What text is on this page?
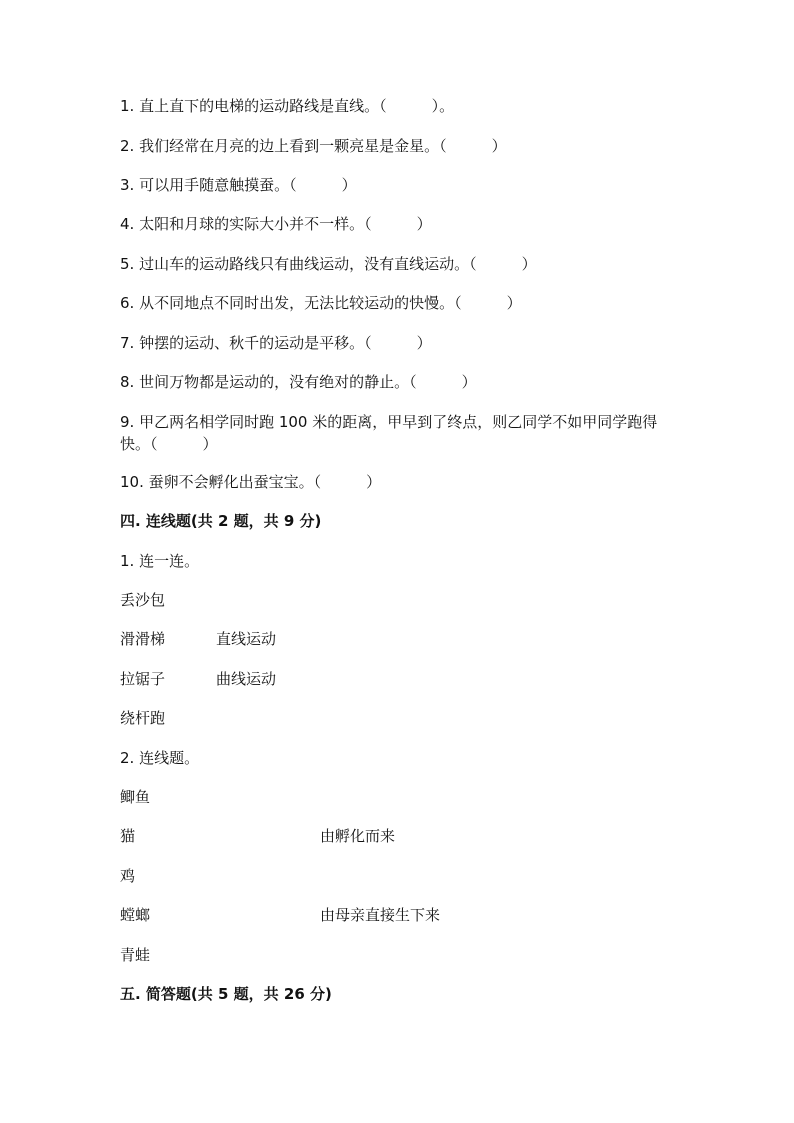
1. 直上直下的电梯的运动路线是直线。（　　　）。
2. 我们经常在月亮的边上看到一颗亮星是金星。（　　　）
3. 可以用手随意触摸蚕。（　　　）
4. 太阳和月球的实际大小并不一样。（　　　）
5. 过山车的运动路线只有曲线运动，没有直线运动。（　　　）
6. 从不同地点不同时出发，无法比较运动的快慢。（　　　）
7. 钟摆的运动、秋千的运动是平移。（　　　）
8. 世间万物都是运动的，没有绝对的静止。（　　　）
9. 甲乙两名相学同时跑 100 米的距离，甲早到了终点，则乙同学不如甲同学跑得快。（　　　）
10. 蚕卵不会孵化出蚕宝宝。（　　　）
四. 连线题(共 2 题，共 9 分)
1. 连一连。
丢沙包
滑滑梯	直线运动
拉锯子	曲线运动
绕杆跑
2. 连线题。
鲫鱼
猫	由孵化而来
鸡
螳螂	由母亲直接生下来
青蛙
五. 简答题(共 5 题，共 26 分)
